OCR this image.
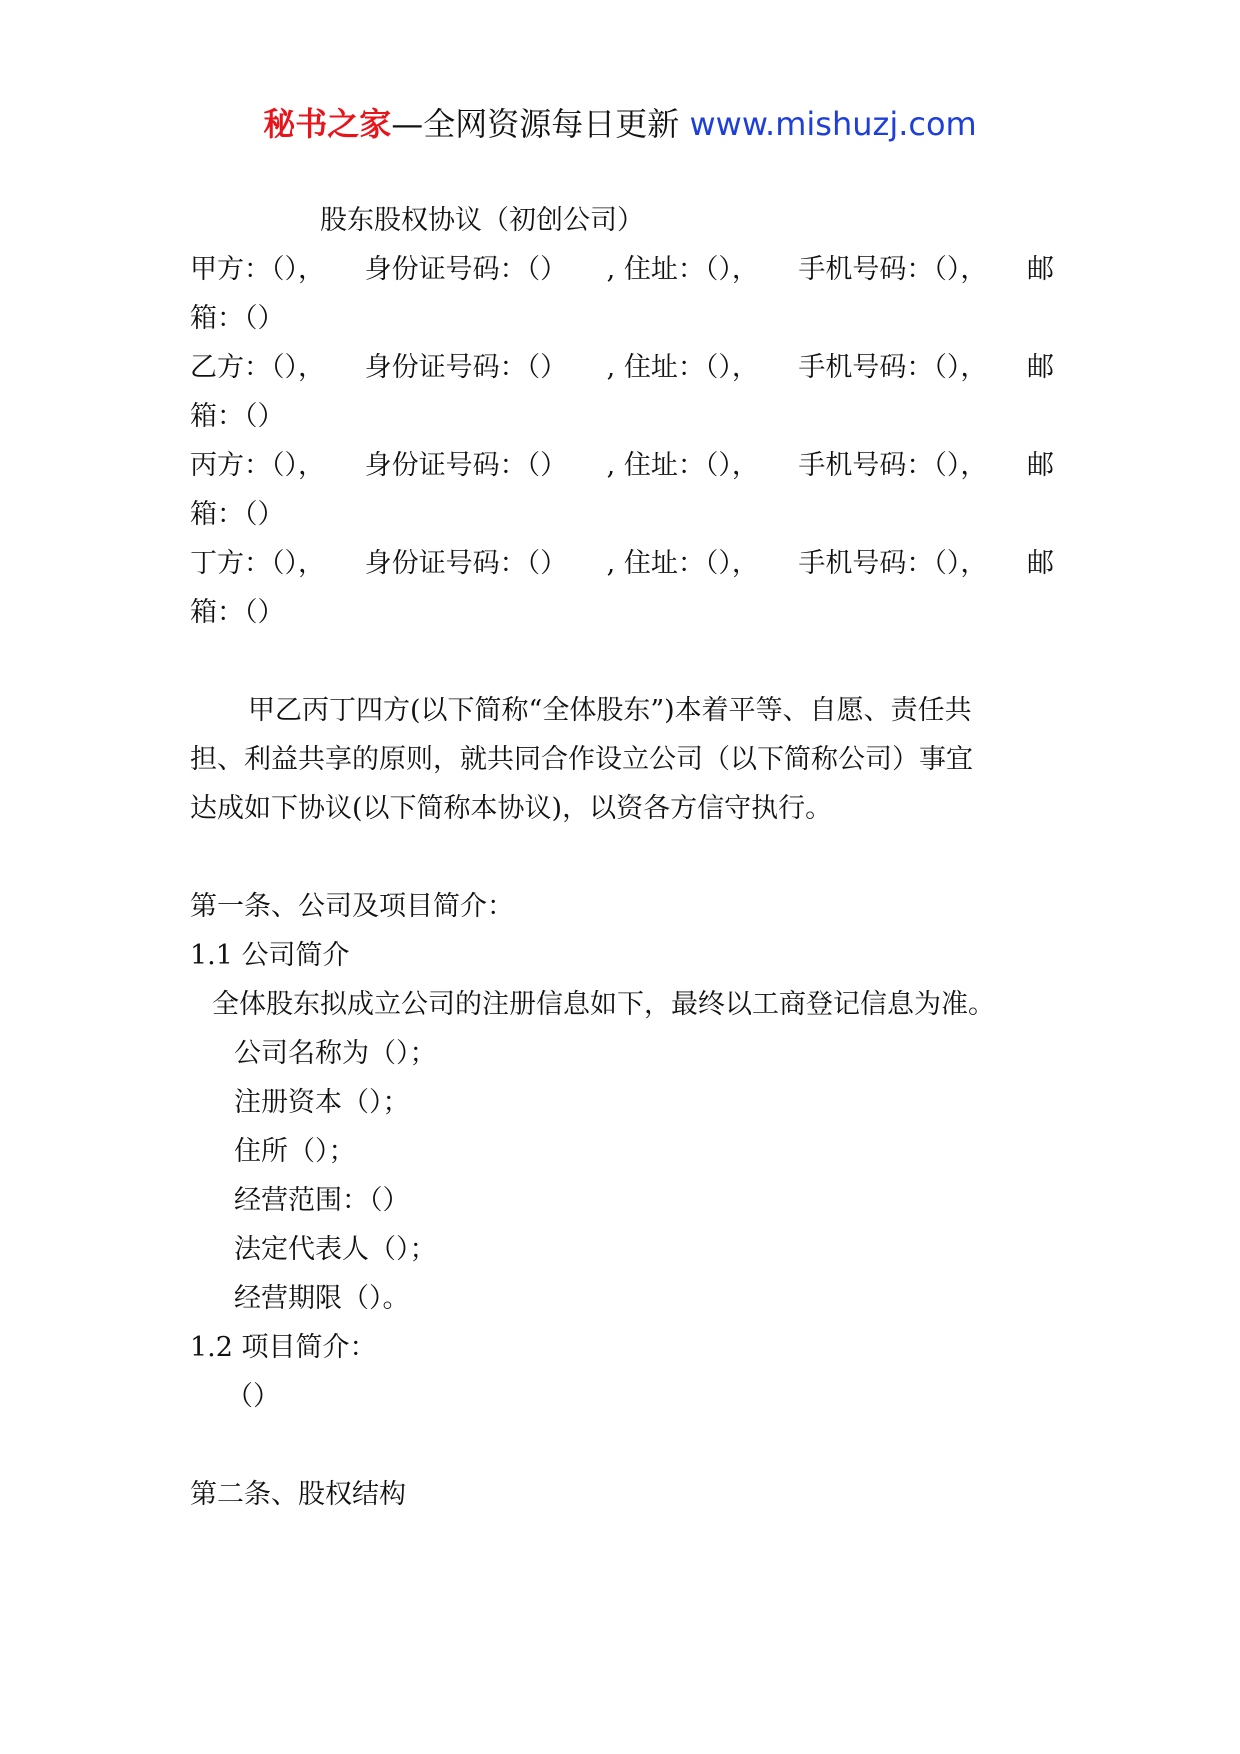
秘书之家—全网资源每日更新 www.mishuzj.com
股东股权协议（初创公司）
甲方：（）， 身份证号码：（） , 住址：（）， 手机号码：（）， 邮
箱：（）
乙方：（）， 身份证号码：（） , 住址：（）， 手机号码：（）， 邮
箱：（）
丙方：（）， 身份证号码：（） , 住址：（）， 手机号码：（）， 邮
箱：（）
丁方：（）， 身份证号码：（） , 住址：（）， 手机号码：（）， 邮
箱：（）
甲乙丙丁四方(以下简称“全体股东”)本着平等、自愿、责任共
担、利益共享的原则，就共同合作设立公司（以下简称公司）事宜
达成如下协议(以下简称本协议)，以资各方信守执行。
第一条、公司及项目简介：
1.1 公司简介
全体股东拟成立公司的注册信息如下，最终以工商登记信息为准。
公司名称为（）；
注册资本（）；
住所（）；
经营范围：（）
法定代表人（）；
经营期限（）。
1.2 项目简介：
（）
第二条、股权结构
